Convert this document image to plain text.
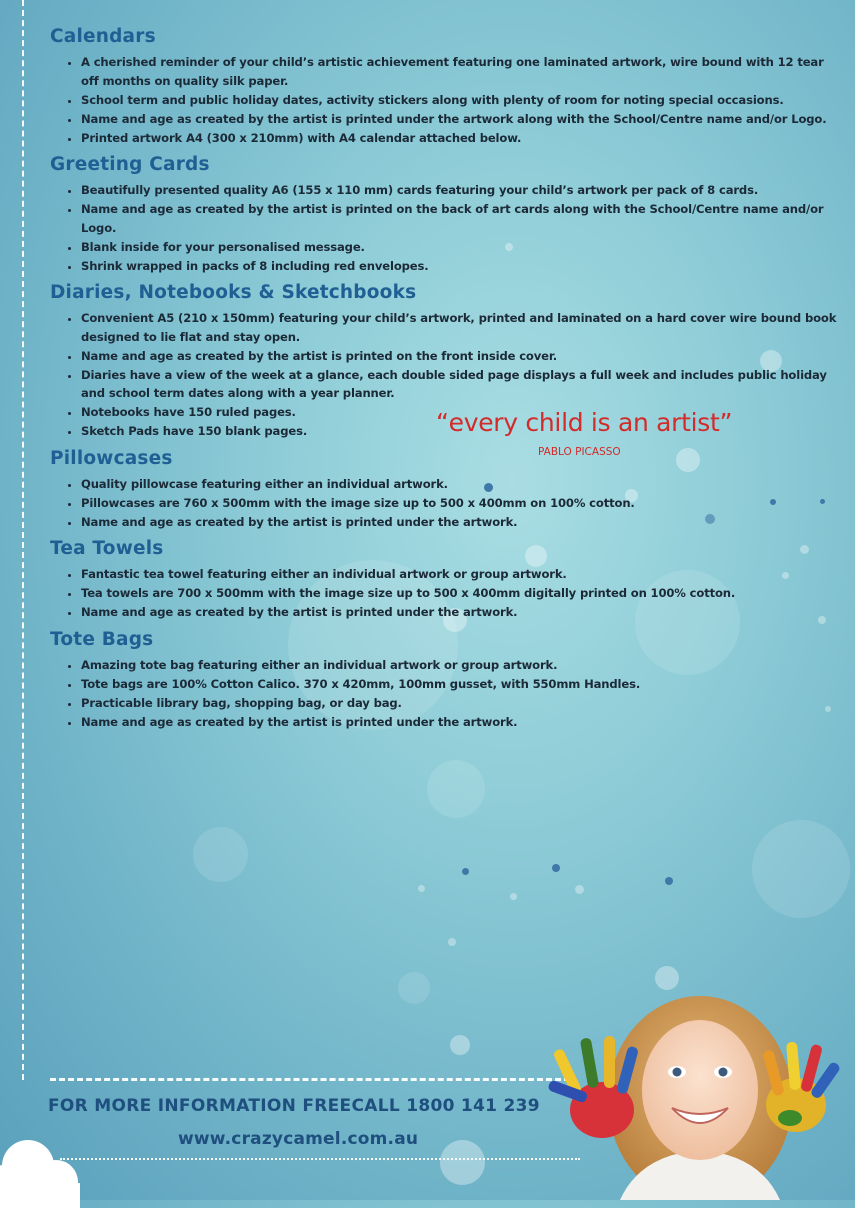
Calendars
• A cherished reminder of your child’s artistic achievement featuring one laminated artwork, wire bound with 12 tear off months on quality silk paper.
• School term and public holiday dates, activity stickers along with plenty of room for noting special occasions.
• Name and age as created by the artist is printed under the artwork along with the School/Centre name and/or Logo.
• Printed artwork A4 (300 x 210mm) with A4 calendar attached below.
Greeting Cards
• Beautifully presented quality A6 (155 x 110 mm) cards featuring your child’s artwork per pack of 8 cards.
• Name and age as created by the artist is printed on the back of art cards along with the School/Centre name and/or Logo.
• Blank inside for your personalised message.
• Shrink wrapped in packs of 8 including red envelopes.
Diaries, Notebooks & Sketchbooks
• Convenient A5 (210 x 150mm) featuring your child’s artwork, printed and laminated on a hard cover wire bound book designed to lie flat and stay open.
• Name and age as created by the artist is printed on the front inside cover.
• Diaries have a view of the week at a glance, each double sided page displays a full week and includes public holiday and school term dates along with a year planner.
• Notebooks have 150 ruled pages.
• Sketch Pads have 150 blank pages.
Pillowcases
• Quality pillowcase featuring either an individual artwork.
• Pillowcases are 760 x 500mm with the image size up to 500 x 400mm on 100% cotton.
• Name and age as created by the artist is printed under the artwork.
Tea Towels
• Fantastic tea towel featuring either an individual artwork or group artwork.
• Tea towels are 700 x 500mm with the image size up to 500 x 400mm digitally printed on 100% cotton.
• Name and age as created by the artist is printed under the artwork.
Tote Bags
• Amazing tote bag featuring either an individual artwork or group artwork.
• Tote bags are 100% Cotton Calico. 370 x 420mm, 100mm gusset, with 550mm Handles.
• Practicable library bag, shopping bag, or day bag.
• Name and age as created by the artist is printed under the artwork.
“every child is an artist”
PABLO PICASSO
FOR MORE INFORMATION FREECALL 1800 141 239
www.crazycamel.com.au
